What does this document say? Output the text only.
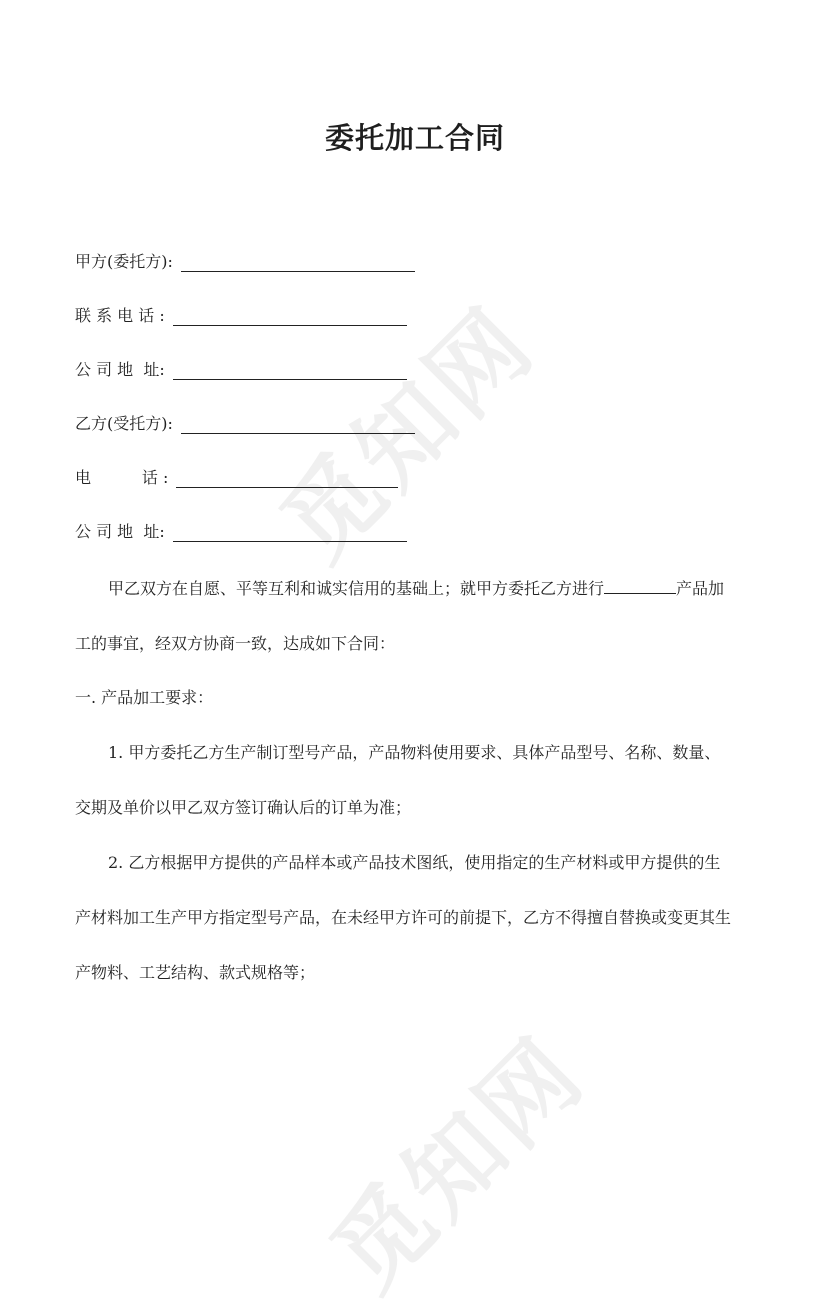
觅知网
觅知网
委托加工合同
甲方(委托方):
联 系 电 话 :
公 司 地  址:
乙方(受托方):
电          话 :
公 司 地  址:
甲乙双方在自愿、平等互利和诚实信用的基础上；就甲方委托乙方进行	产品加
工的事宜，经双方协商一致，达成如下合同：
一. 产品加工要求：
1. 甲方委托乙方生产制订型号产品，产品物料使用要求、具体产品型号、名称、数量、
交期及单价以甲乙双方签订确认后的订单为准；
2. 乙方根据甲方提供的产品样本或产品技术图纸，使用指定的生产材料或甲方提供的生
产材料加工生产甲方指定型号产品，在未经甲方许可的前提下，乙方不得擅自替换或变更其生
产物料、工艺结构、款式规格等；
